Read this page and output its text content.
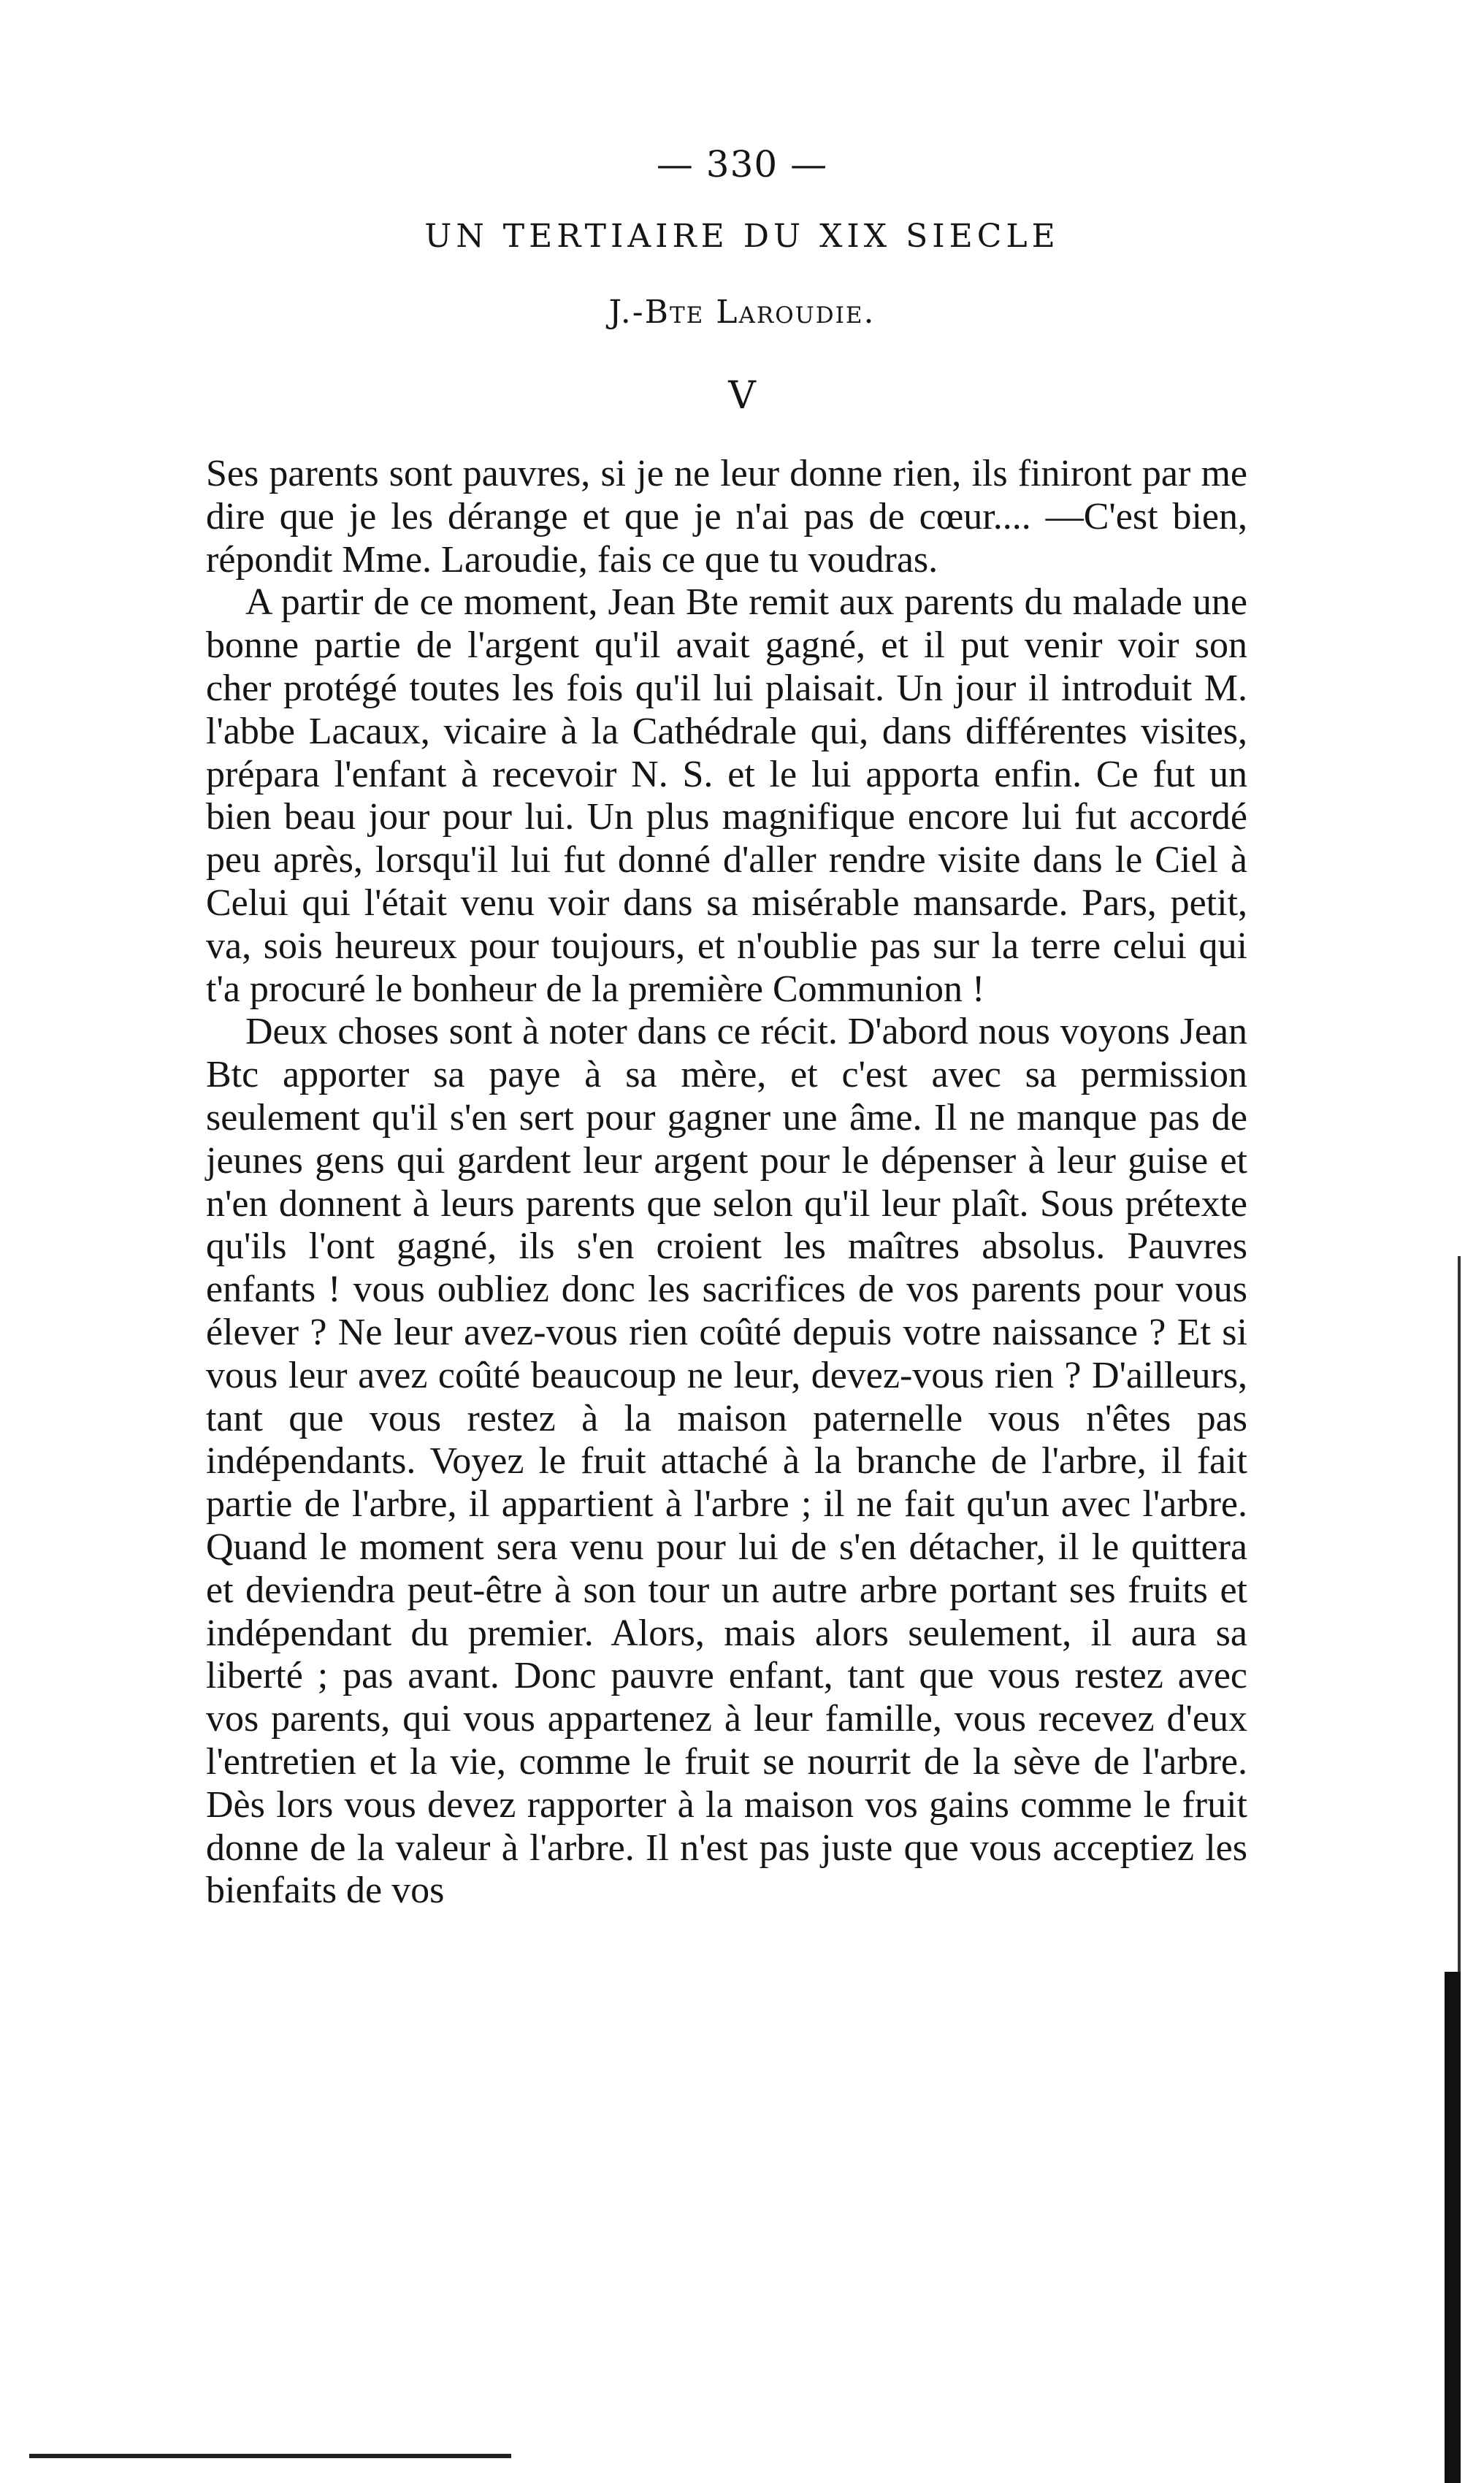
— 330 —
UN TERTIAIRE DU XIX SIECLE
J.-Bte Laroudie.
V

Ses parents sont pauvres, si je ne leur donne rien, ils finiront par me dire que je les dérange et que je n'ai pas de cœur.... —C'est bien, répondit Mme. Laroudie, fais ce que tu voudras.

A partir de ce moment, Jean Bte remit aux parents du malade une bonne partie de l'argent qu'il avait gagné, et il put venir voir son cher protégé toutes les fois qu'il lui plaisait. Un jour il introduit M. l'abbe Lacaux, vicaire à la Cathédrale qui, dans différentes visites, prépara l'enfant à recevoir N. S. et le lui apporta enfin. Ce fut un bien beau jour pour lui. Un plus magnifique encore lui fut accordé peu après, lorsqu'il lui fut donné d'aller rendre visite dans le Ciel à Celui qui l'était venu voir dans sa misérable mansarde. Pars, petit, va, sois heureux pour toujours, et n'oublie pas sur la terre celui qui t'a procuré le bonheur de la première Communion !

Deux choses sont à noter dans ce récit. D'abord nous voyons Jean Btc apporter sa paye à sa mère, et c'est avec sa permission seulement qu'il s'en sert pour gagner une âme. Il ne manque pas de jeunes gens qui gardent leur argent pour le dépenser à leur guise et n'en donnent à leurs parents que selon qu'il leur plaît. Sous prétexte qu'ils l'ont gagné, ils s'en croient les maîtres absolus. Pauvres enfants ! vous oubliez donc les sacrifices de vos parents pour vous élever ? Ne leur avez-vous rien coûté depuis votre naissance ? Et si vous leur avez coûté beaucoup ne leur, devez-vous rien ? D'ailleurs, tant que vous restez à la maison paternelle vous n'êtes pas indépendants. Voyez le fruit attaché à la branche de l'arbre, il fait partie de l'arbre, il appartient à l'arbre ; il ne fait qu'un avec l'arbre. Quand le moment sera venu pour lui de s'en détacher, il le quittera et deviendra peut-être à son tour un autre arbre portant ses fruits et indépendant du premier. Alors, mais alors seulement, il aura sa liberté ; pas avant. Donc pauvre enfant, tant que vous restez avec vos parents, qui vous appartenez à leur famille, vous recevez d'eux l'entretien et la vie, comme le fruit se nourrit de la sève de l'arbre. Dès lors vous devez rapporter à la maison vos gains comme le fruit donne de la valeur à l'arbre. Il n'est pas juste que vous acceptiez les bienfaits de vos
